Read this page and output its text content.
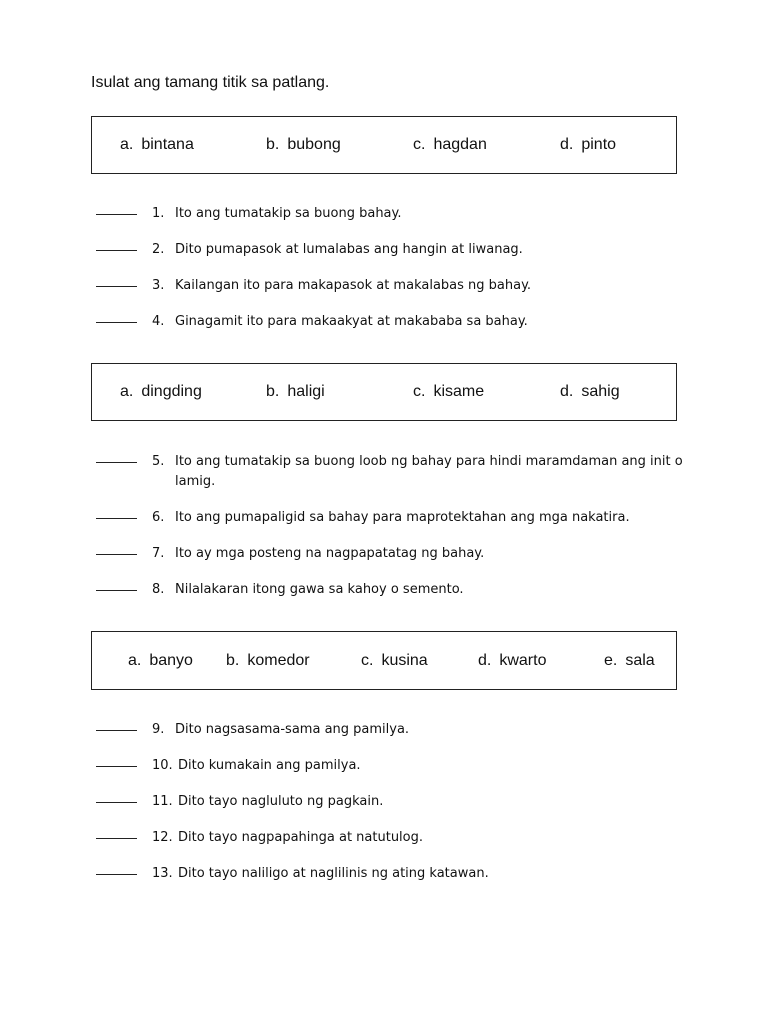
Isulat ang tamang titik sa patlang.
a. bintana	b. bubong	c. hagdan	d. pinto
1. Ito ang tumatakip sa buong bahay.
2. Dito pumapasok at lumalabas ang hangin at liwanag.
3. Kailangan ito para makapasok at makalabas ng bahay.
4. Ginagamit ito para makaakyat at makababa sa bahay.
a. dingding	b. haligi	c. kisame	d. sahig
5. Ito ang tumatakip sa buong loob ng bahay para hindi maramdaman ang init o lamig.
6. Ito ang pumapaligid sa bahay para maprotektahan ang mga nakatira.
7. Ito ay mga posteng na nagpapatatag ng bahay.
8. Nilalakaran itong gawa sa kahoy o semento.
a. banyo b. komedor	c. kusina	d. kwarto	e. sala
9. Dito nagsasama-sama ang pamilya.
10. Dito kumakain ang pamilya.
11. Dito tayo nagluluto ng pagkain.
12. Dito tayo nagpapahinga at natutulog.
13. Dito tayo naliligo at naglilinis ng ating katawan.
